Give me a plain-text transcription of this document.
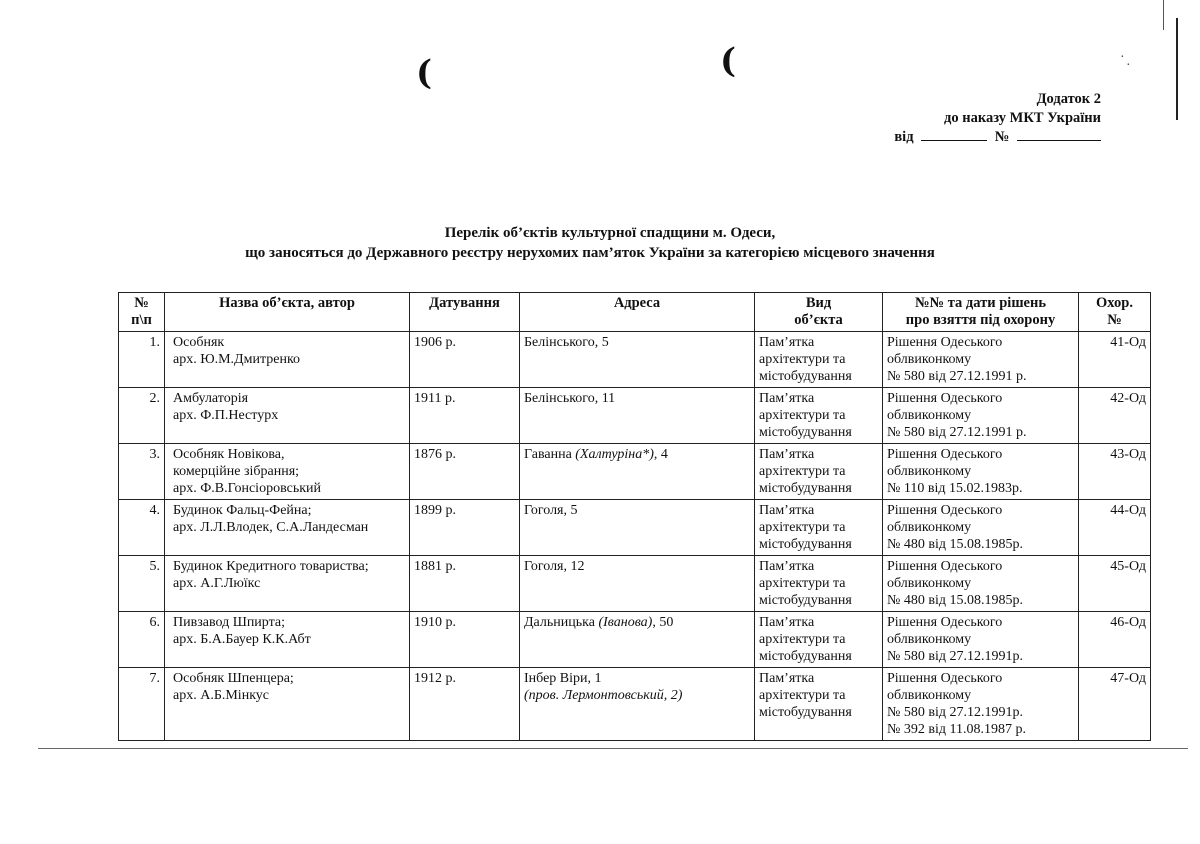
(	(	·
·
Додаток 2
до наказу МКТ України
від	№
Перелік об’єктів культурної спадщини м. Одеси,
що заносяться до Державного реєстру нерухомих пам’яток України за категорією місцевого значення
№
п\п	Назва об’єкта, автор	Датування	Адреса	Вид
об’єкта	№№ та дати рішень
про взяття під охорону	Охор.
№

1.	Особняк
арх. Ю.М.Дмитренко	1906 р.	Белінського, 5	Пам’ятка
архітектури та
містобудування	Рішення Одеського
облвиконкому
№ 580 від 27.12.1991 р.	41-Од
2.	Амбулаторія
арх. Ф.П.Нестурх	1911 р.	Белінського, 11	Пам’ятка
архітектури та
містобудування	Рішення Одеського
облвиконкому
№ 580 від 27.12.1991 р.	42-Од
3.	Особняк Новікова,
комерційне зібрання;
арх. Ф.В.Гонсіоровський	1876 р.	Гаванна (Халтуріна*), 4	Пам’ятка
архітектури та
містобудування	Рішення Одеського
облвиконкому
№ 110 від 15.02.1983р.	43-Од
4.	Будинок Фальц-Фейна;
арх. Л.Л.Влодек, С.А.Ландесман	1899 р.	Гоголя, 5	Пам’ятка
архітектури та
містобудування	Рішення Одеського
облвиконкому
№ 480 від 15.08.1985р.	44-Од
5.	Будинок Кредитного товариства;
арх. А.Г.Люїкс	1881 р.	Гоголя, 12	Пам’ятка
архітектури та
містобудування	Рішення Одеського
облвиконкому
№ 480 від 15.08.1985р.	45-Од
6.	Пивзавод Шпирта;
арх. Б.А.Бауер К.К.Абт	1910 р.	Дальницька (Іванова), 50	Пам’ятка
архітектури та
містобудування	Рішення Одеського
облвиконкому
№ 580 від 27.12.1991р.	46-Од
7.	Особняк Шпенцера;
арх. А.Б.Мінкус	1912 р.	Інбер Віри, 1
(пров. Лермонтовський, 2)	Пам’ятка
архітектури та
містобудування	Рішення Одеського
облвиконкому
№ 580 від 27.12.1991р.
№ 392 від 11.08.1987 р.	47-Од
